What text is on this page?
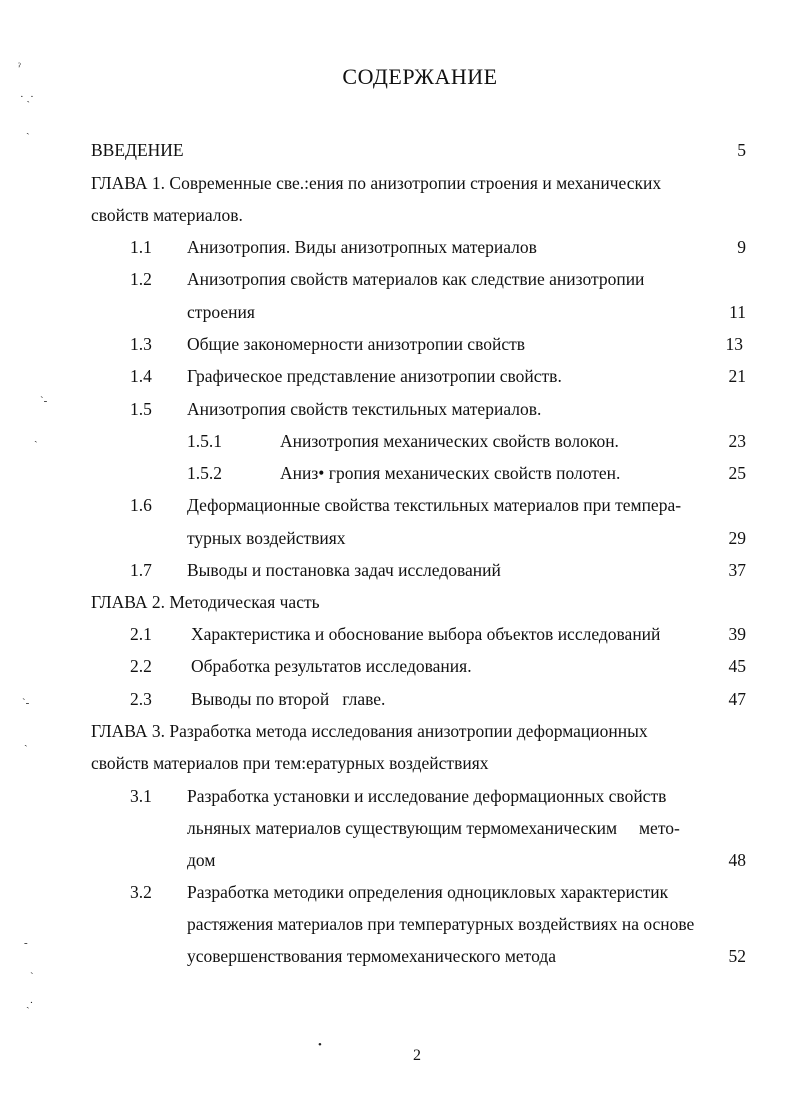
СОДЕРЖАНИЕ
ВВЕДЕНИЕ	5
ГЛАВА 1. Современные све.:ения по анизотропии строения и механических
свойств материалов.
1.1 Анизотропия. Виды анизотропных материалов	9
1.2 Анизотропия свойств материалов как следствие анизотропии
строения	11
1.3 Общие закономерности анизотропии свойств	13
1.4 Графическое представление анизотропии свойств.	21
1.5 Анизотропия свойств текстильных материалов.
1.5.1	Анизотропия механических свойств волокон.	23
1.5.2	Аниз• гропия механических свойств полотен.	25
1.6 Деформационные свойства текстильных материалов при темпера-
турных воздействиях	29
1.7 Выводы и постановка задач исследований	37
ГЛАВА 2. Методическая часть
2.1 Характеристика и обоснование выбора объектов исследований	39
2.2 Обработка результатов исследования.	45
2.3 Выводы по второй   главе.	47
ГЛАВА 3. Разработка метода исследования анизотропии деформационных
свойств материалов при тем:ературных воздействиях
3.1 Разработка установки и исследование деформационных свойств
льняных материалов существующим термомеханическим     мето-
дом	48
3.2 Разработка методики определения одноцикловых характеристик
растяжения материалов при температурных воздействиях на основе
усовершенствования термомеханического метода	52
2
ˀ
· ˎ·
ˎ
ˋ-
ˎ
ˋ-
ˎ
-
ˋ
ˎ·
•
